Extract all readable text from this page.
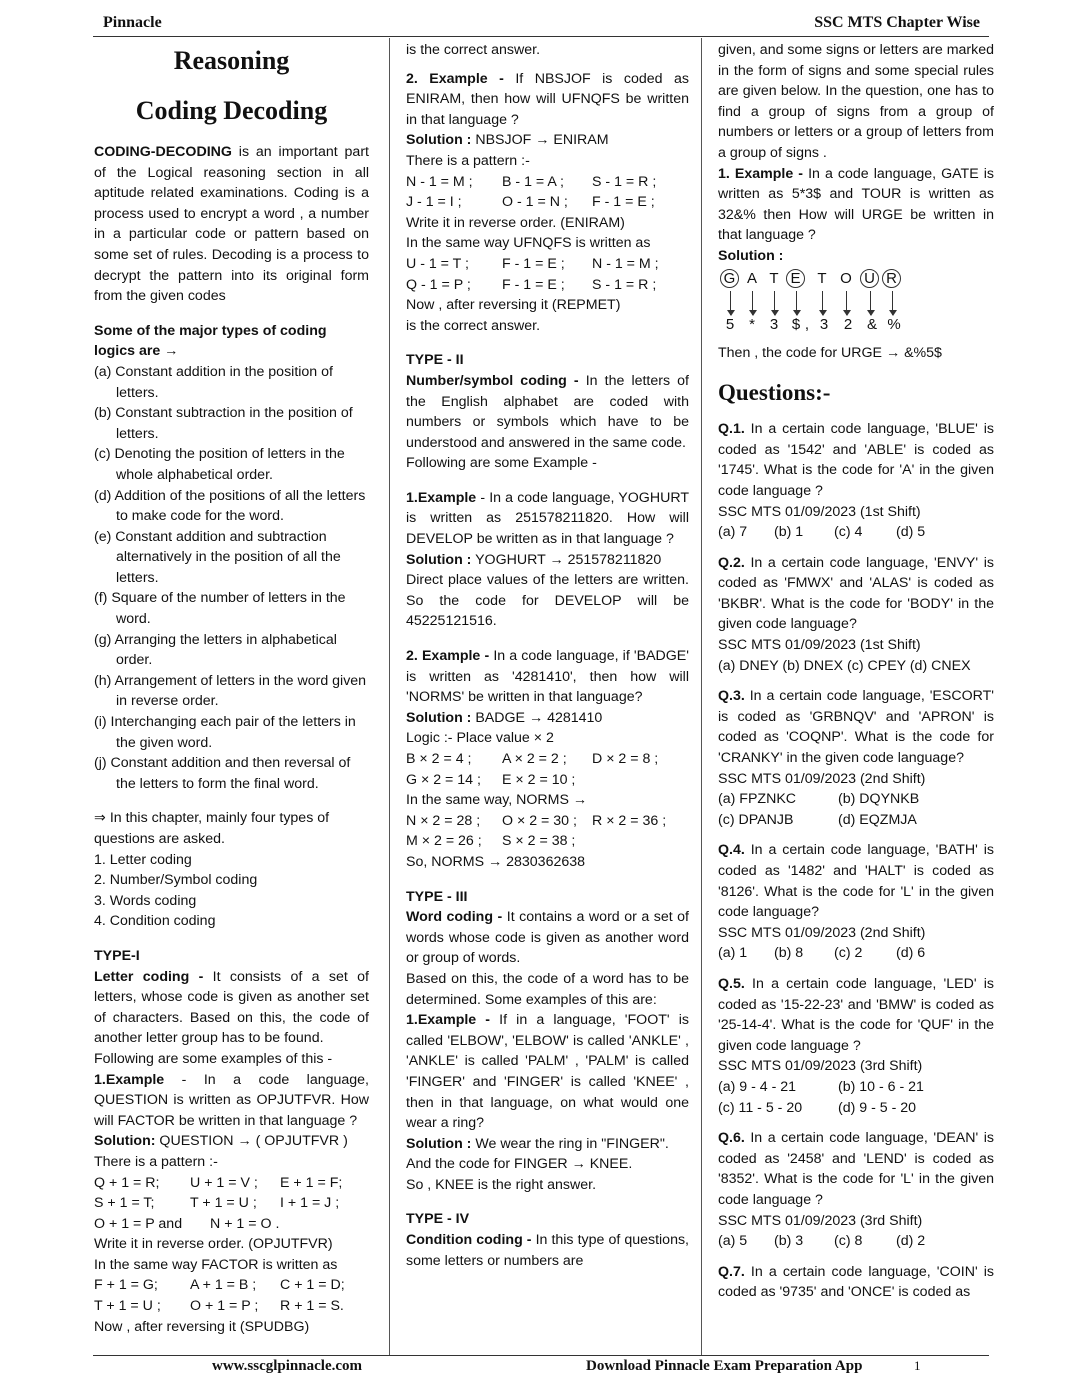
Pinnacle	SSC MTS Chapter Wise
Reasoning
Coding Decoding

CODING-DECODING is an important part of the Logical reasoning section in all aptitude related examinations. Coding is a process used to encrypt a word , a number in a particular code or pattern based on some set of rules. Decoding is a process to decrypt the pattern into its original form from the given codes

Some of the major types of coding logics are →

(a) Constant addition in the position of letters.

(b) Constant subtraction in the position of letters.

(c) Denoting the position of letters in the whole alphabetical order.

(d) Addition of the positions of all the letters to make code for the word.

(e) Constant addition and subtraction alternatively in the position of all the letters.

(f) Square of the number of letters in the word.

(g) Arranging the letters in alphabetical order.

(h) Arrangement of letters in the word given in reverse order.

(i) Interchanging each pair of the letters in the given word.

(j) Constant addition and then reversal of the letters to form the final word.

⇒ In this chapter, mainly four types of questions are asked.

1. Letter coding

2. Number/Symbol coding

3. Words coding

4. Condition coding

TYPE-I

Letter coding - It consists of a set of letters, whose code is given as another set of characters. Based on this, the code of another letter group has to be found.

Following are some examples of this -

1.Example - In a code language, QUESTION is written as OPJUTFVR. How will FACTOR be written in that language ?

Solution: QUESTION → ( OPJUTFVR )

There is a pattern :-

Q + 1 = R;	U + 1 = V ;	E + 1 = F;
S + 1 = T;	T + 1 = U ;	I + 1 = J ;
O + 1 = P and	N + 1 = O .

Write it in reverse order. (OPJUTFVR)

In the same way FACTOR is written as

F + 1 = G;	A + 1 = B ;	C + 1 = D;
T + 1 = U ;	O + 1 = P ;	R + 1 = S.

Now , after reversing it (SPUDBG)

is the correct answer.

2. Example - If NBSJOF is coded as ENIRAM, then how will UFNQFS be written in that language ?

Solution : NBSJOF → ENIRAM

There is a pattern :-

N - 1 = M ;	B - 1 = A ;	S - 1 = R ;
J - 1 = I ;	O - 1 = N ;	F - 1 = E ;

Write it in reverse order. (ENIRAM)

In the same way UFNQFS is written as

U - 1 = T ;	F - 1 = E ;	N - 1 = M ;
Q - 1 = P ;	F - 1 = E ;	S - 1 = R ;

Now , after reversing it (REPMET)

is the correct answer.

TYPE - II

Number/symbol coding - In the letters of the English alphabet are coded with numbers or symbols which have to be understood and answered in the same code.

Following are some Example -

1.Example - In a code language, YOGHURT is written as 251578211820. How will DEVELOP be written as in that language ?

Solution : YOGHURT → 251578211820

Direct place values of the letters are written. So the code for DEVELOP will be 45225121516.

2. Example - In a code language, if 'BADGE' is written as '4281410', then how will 'NORMS' be written in that language?

Solution : BADGE → 4281410

Logic :- Place value × 2

B × 2 = 4 ;	A × 2 = 2 ;	D × 2 = 8 ;
G × 2 = 14 ;	E × 2 = 10 ;

In the same way, NORMS →

N × 2 = 28 ;	O × 2 = 30 ;	R × 2 = 36 ;
M × 2 = 26 ;	S × 2 = 38 ;

So, NORMS → 2830362638

TYPE - III

Word coding - It contains a word or a set of words whose code is given as another word or group of words.

Based on this, the code of a word has to be determined. Some examples of this are:

1.Example - If in a language, 'FOOT' is called 'ELBOW', 'ELBOW' is called 'ANKLE' , 'ANKLE' is called 'PALM' , 'PALM' is called 'FINGER' and 'FINGER' is called 'KNEE' , then in that language, on what would one wear a ring?

Solution : We wear the ring in "FINGER".

And the code for FINGER → KNEE.

So , KNEE is the right answer.

TYPE - IV

Condition coding - In this type of questions, some letters or numbers are

given, and some signs or letters are marked in the form of signs and some special rules are given below. In the question, one has to find a group of signs from a group of numbers or letters or a group of letters from a group of signs .

1. Example - In a code language, GATE is written as 5*3$ and TOUR is written as 32&% then How will URGE be written in that language ?

Solution :

G A T E	T O U R
5 * 3 $ , 3	2 & %

Then , the code for URGE → &%5$

Questions:-

Q.1. In a certain code language, 'BLUE' is coded as '1542' and 'ABLE' is coded as '1745'. What is the code for 'A' in the given code language ?

SSC MTS 01/09/2023 (1st Shift)

(a) 7	(b) 1	(c) 4	(d) 5

Q.2. In a certain code language, 'ENVY' is coded as 'FMWX' and 'ALAS' is coded as 'BKBR'. What is the code for 'BODY' in the given code language?

SSC MTS 01/09/2023 (1st Shift)

(a) DNEY (b) DNEX (c) CPEY (d) CNEX

Q.3. In a certain code language, 'ESCORT' is coded as 'GRBNQV' and 'APRON' is coded as 'COQNP'. What is the code for 'CRANKY' in the given code language?

SSC MTS 01/09/2023 (2nd Shift)

(a) FPZNKC	(b) DQYNKB
(c) DPANJB	(d) EQZMJA

Q.4. In a certain code language, 'BATH' is coded as '1482' and 'HALT' is coded as '8126'. What is the code for 'L' in the given code language?

SSC MTS 01/09/2023 (2nd Shift)

(a) 1	(b) 8	(c) 2	(d) 6

Q.5. In a certain code language, 'LED' is coded as '15-22-23' and 'BMW' is coded as '25-14-4'. What is the code for 'QUF' in the given code language ?

SSC MTS 01/09/2023 (3rd Shift)

(a) 9 - 4 - 21	(b) 10 - 6 - 21
(c) 11 - 5 - 20	(d) 9 - 5 - 20

Q.6. In a certain code language, 'DEAN' is coded as '2458' and 'LEND' is coded as '8352'. What is the code for 'L' in the given code language ?

SSC MTS 01/09/2023 (3rd Shift)

(a) 5	(b) 3	(c) 8	(d) 2

Q.7. In a certain code language, 'COIN' is coded as '9735' and 'ONCE' is coded as

www.sscglpinnacle.com	Download Pinnacle Exam Preparation App	1
